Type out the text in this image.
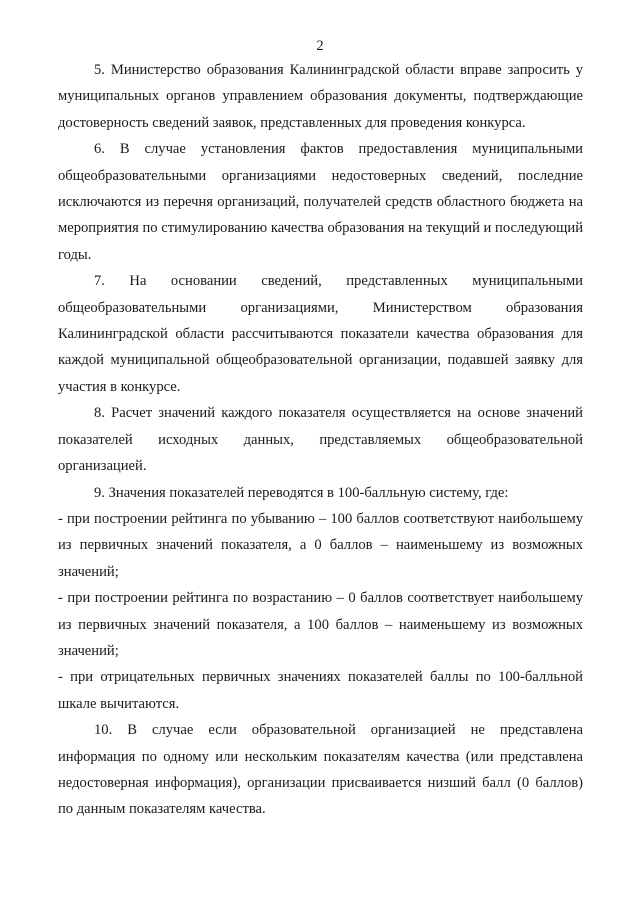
2

5. Министерство образования Калининградской области вправе запросить у муниципальных органов управлением образования документы, подтверждающие достоверность сведений заявок, представленных для проведения конкурса.

6. В случае установления фактов предоставления муниципальными общеобразовательными организациями недостоверных сведений, последние исключаются из перечня организаций, получателей средств областного бюджета на мероприятия по стимулированию качества образования на текущий и последующий годы.

7. На основании сведений, представленных муниципальными общеобразовательными организациями, Министерством образования Калининградской области рассчитываются показатели качества образования для каждой муниципальной общеобразовательной организации, подавшей заявку для участия в конкурсе.

8. Расчет значений каждого показателя осуществляется на основе значений показателей исходных данных, представляемых общеобразовательной организацией.

9. Значения показателей переводятся в 100-балльную систему, где:

- при построении рейтинга по убыванию – 100 баллов соответствуют наибольшему из первичных значений показателя, а 0 баллов – наименьшему из возможных значений;

- при построении рейтинга по возрастанию – 0 баллов соответствует наибольшему из первичных значений показателя, а 100 баллов – наименьшему из возможных значений;

- при отрицательных первичных значениях показателей баллы по 100-балльной шкале вычитаются.

10. В случае если образовательной организацией не представлена информация по одному или нескольким показателям качества (или представлена недостоверная информация), организации присваивается низший балл (0 баллов) по данным показателям качества.
